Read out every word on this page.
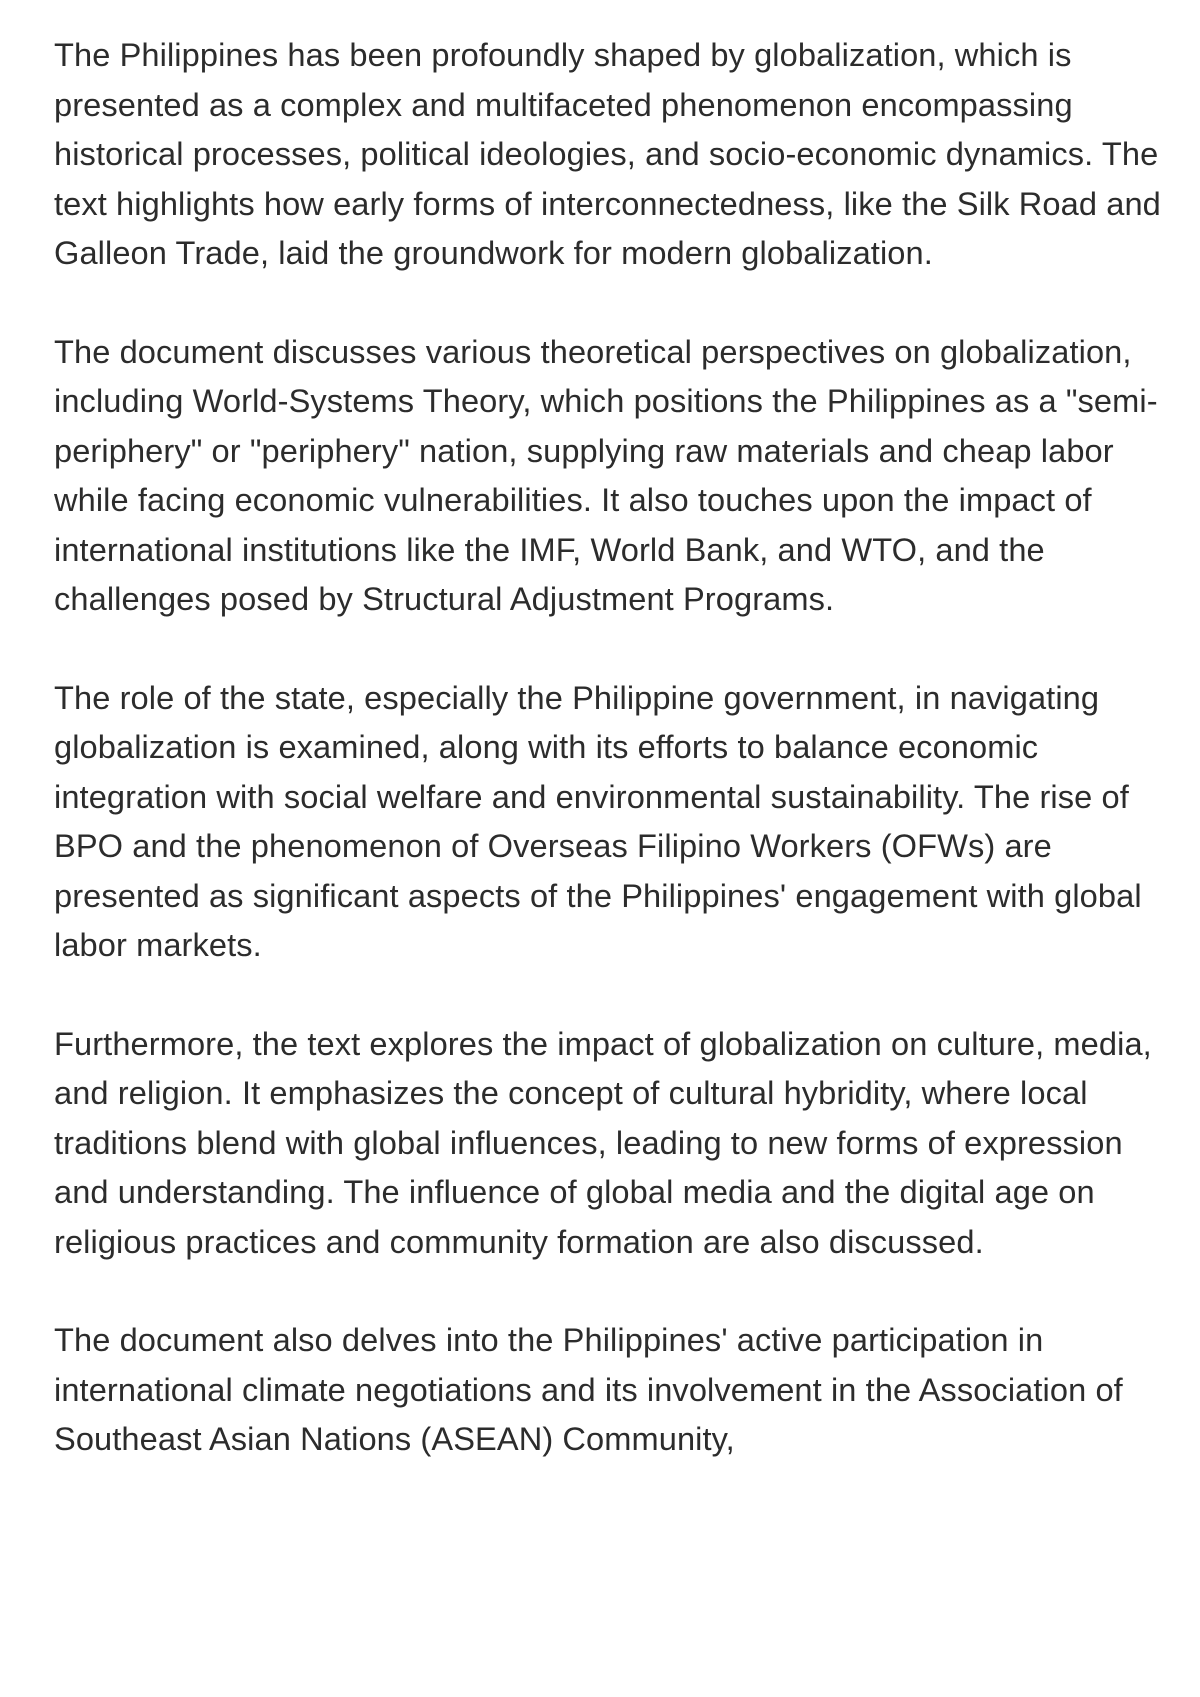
The Philippines has been profoundly shaped by globalization, which is presented as a complex and multifaceted phenomenon encompassing historical processes, political ideologies, and socio-economic dynamics. The text highlights how early forms of interconnectedness, like the Silk Road and Galleon Trade, laid the groundwork for modern globalization.

The document discusses various theoretical perspectives on globalization, including World-Systems Theory, which positions the Philippines as a "semi-periphery" or "periphery" nation, supplying raw materials and cheap labor while facing economic vulnerabilities. It also touches upon the impact of international institutions like the IMF, World Bank, and WTO, and the challenges posed by Structural Adjustment Programs.

The role of the state, especially the Philippine government, in navigating globalization is examined, along with its efforts to balance economic integration with social welfare and environmental sustainability. The rise of BPO and the phenomenon of Overseas Filipino Workers (OFWs) are presented as significant aspects of the Philippines' engagement with global labor markets.

Furthermore, the text explores the impact of globalization on culture, media, and religion. It emphasizes the concept of cultural hybridity, where local traditions blend with global influences, leading to new forms of expression and understanding. The influence of global media and the digital age on religious practices and community formation are also discussed.

The document also delves into the Philippines' active participation in international climate negotiations and its involvement in the Association of Southeast Asian Nations (ASEAN) Community,
